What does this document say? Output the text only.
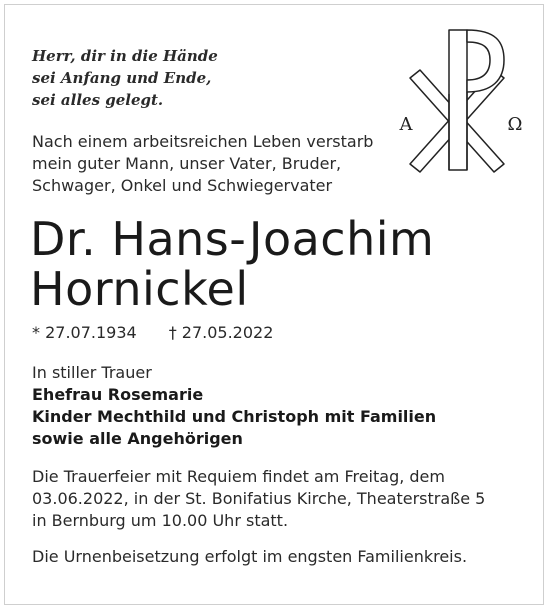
Herr, dir in die Hände
sei Anfang und Ende,
sei alles gelegt.
A	Ω
Nach einem arbeitsreichen Leben verstarb
mein guter Mann, unser Vater, Bruder,
Schwager, Onkel und Schwiegervater
Dr. Hans-Joachim
Hornickel
* 27.07.1934 † 27.05.2022
In stiller Trauer
Ehefrau Rosemarie
Kinder Mechthild und Christoph mit Familien
sowie alle Angehörigen
Die Trauerfeier mit Requiem findet am Freitag, dem
03.06.2022, in der St. Bonifatius Kirche, Theaterstraße 5
in Bernburg um 10.00 Uhr statt.
Die Urnenbeisetzung erfolgt im engsten Familienkreis.
